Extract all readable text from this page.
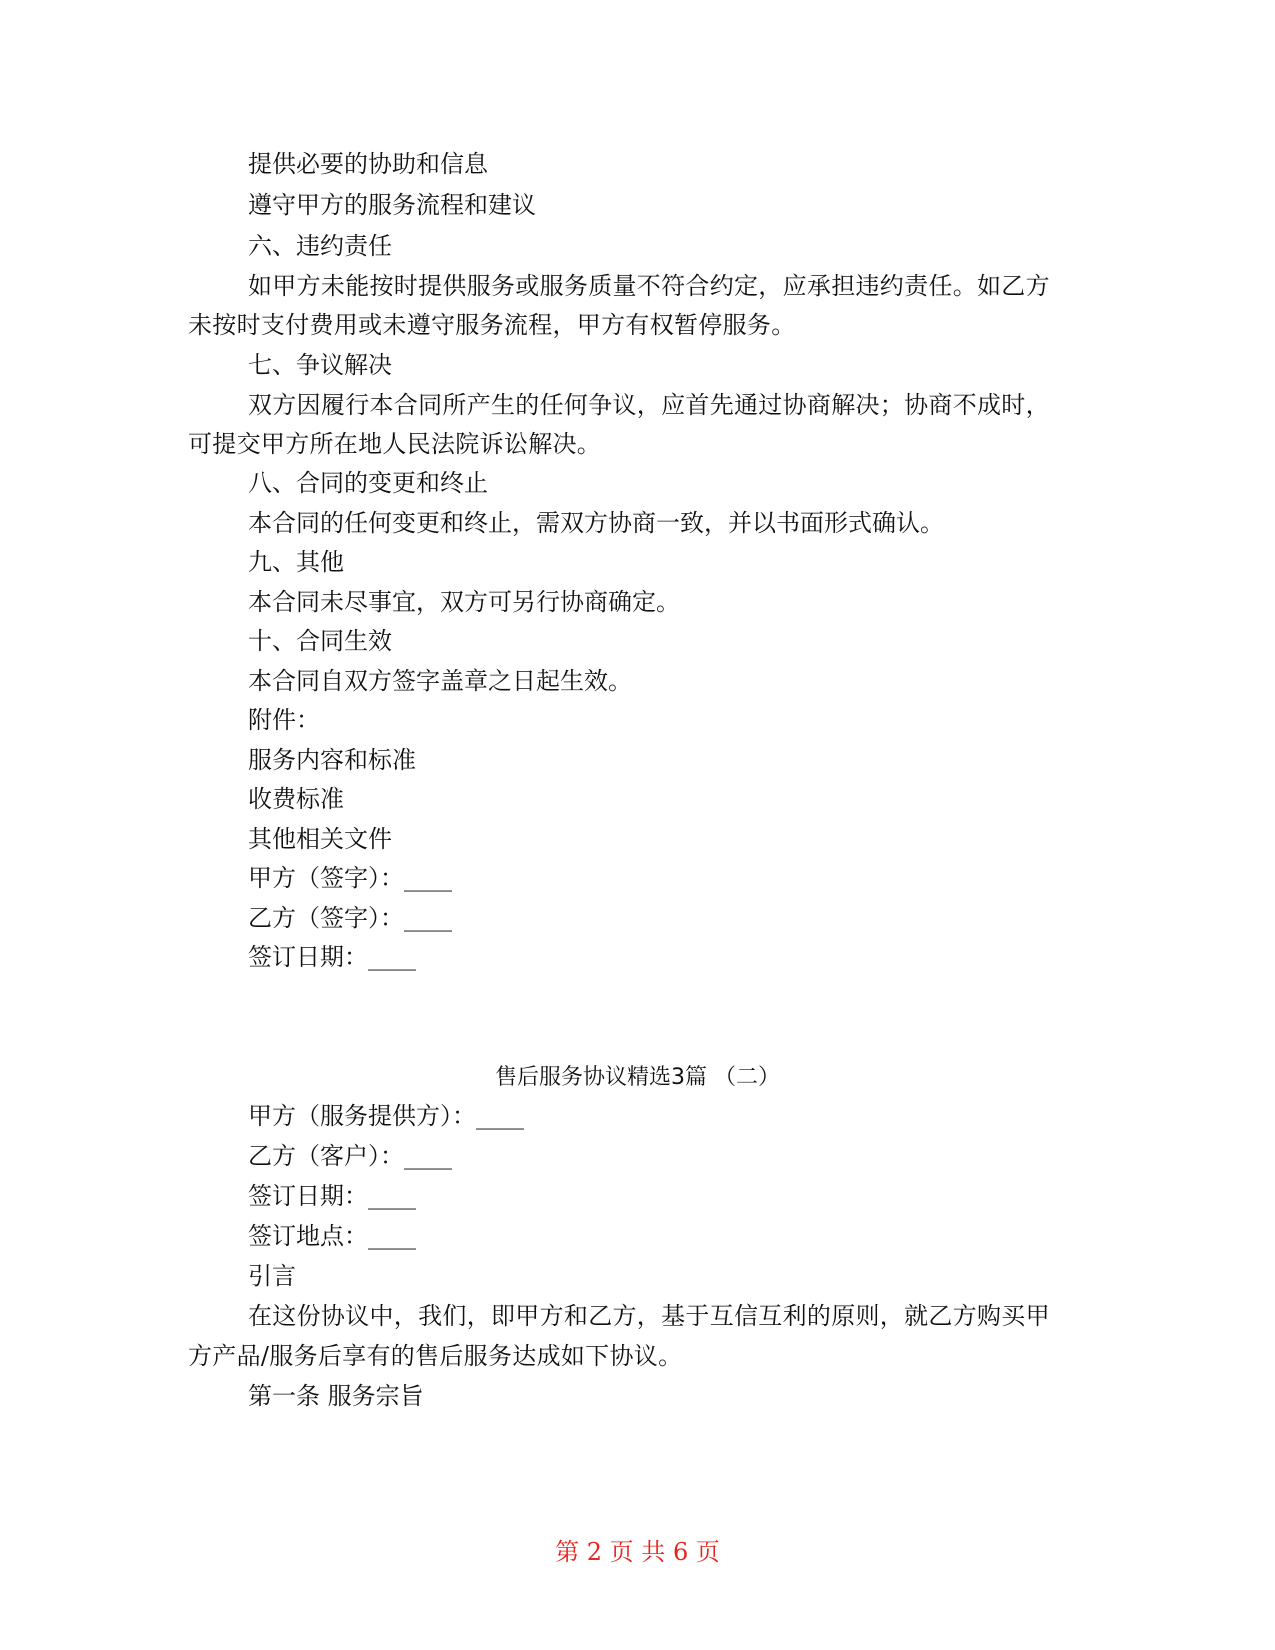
提供必要的协助和信息

遵守甲方的服务流程和建议

六、违约责任

如甲方未能按时提供服务或服务质量不符合约定，应承担违约责任。如乙方未按时支付费用或未遵守服务流程，甲方有权暂停服务。

七、争议解决

双方因履行本合同所产生的任何争议，应首先通过协商解决；协商不成时，可提交甲方所在地人民法院诉讼解决。

八、合同的变更和终止

本合同的任何变更和终止，需双方协商一致，并以书面形式确认。

九、其他

本合同未尽事宜，双方可另行协商确定。

十、合同生效

本合同自双方签字盖章之日起生效。

附件：

服务内容和标准

收费标准

其他相关文件

甲方（签字）：____

乙方（签字）：____

签订日期：____

售后服务协议精选3篇 （二）

甲方（服务提供方）：____

乙方（客户）：____

签订日期：____

签订地点：____

引言

在这份协议中，我们，即甲方和乙方，基于互信互利的原则，就乙方购买甲方产品/服务后享有的售后服务达成如下协议。

第一条 服务宗旨

第 2 页 共 6 页
